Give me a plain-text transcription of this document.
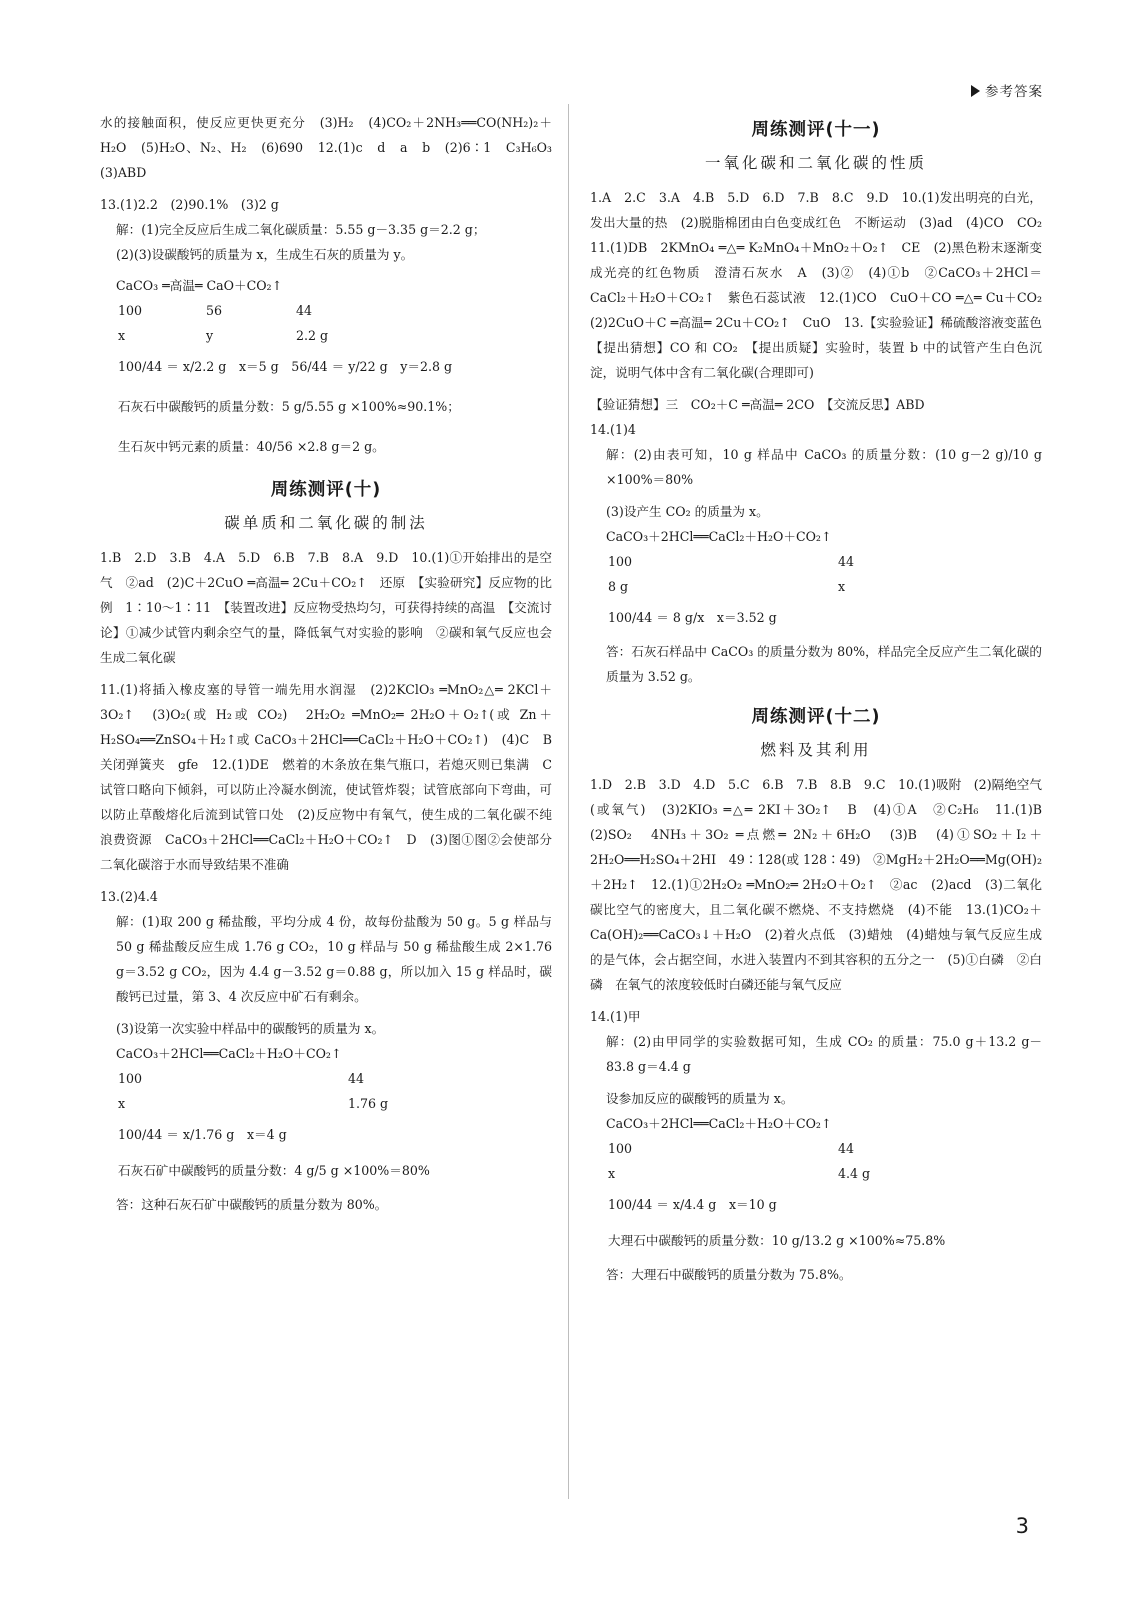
参考答案
水的接触面积，使反应更快更充分　(3)H₂　(4)CO₂＋2NH₃══CO(NH₂)₂＋H₂O　(5)H₂O、N₂、H₂　(6)690　12.(1)c　d　a　b　(2)6∶1　C₃H₆O₃　(3)ABD
13.(1)2.2　(2)90.1%　(3)2 g
解：(1)完全反应后生成二氧化碳质量：5.55 g－3.35 g＝2.2 g；
(2)(3)设碳酸钙的质量为 x，生成生石灰的质量为 y。
CaCO₃ ═高温═ CaO＋CO₂↑
100	56	44
x	y	2.2 g
100/44 ＝ x/2.2 g　x＝5 g　56/44 ＝ y/22 g　y＝2.8 g
石灰石中碳酸钙的质量分数：5 g/5.55 g ×100%≈90.1%；
生石灰中钙元素的质量：40/56 ×2.8 g＝2 g。
周练测评(十)
碳单质和二氧化碳的制法
1.B　2.D　3.B　4.A　5.D　6.B　7.B　8.A　9.D　10.(1)①开始排出的是空气　②ad　(2)C＋2CuO ═高温═ 2Cu＋CO₂↑　还原　【实验研究】反应物的比例　1∶10～1∶11　【装置改进】反应物受热均匀，可获得持续的高温　【交流讨论】①减少试管内剩余空气的量，降低氧气对实验的影响　②碳和氧气反应也会生成二氧化碳
11.(1)将插入橡皮塞的导管一端先用水润湿　(2)2KClO₃ ═MnO₂△═ 2KCl＋3O₂↑　(3)O₂(或 H₂或 CO₂)　2H₂O₂ ═MnO₂═ 2H₂O＋O₂↑(或 Zn＋H₂SO₄══ZnSO₄＋H₂↑或 CaCO₃＋2HCl══CaCl₂＋H₂O＋CO₂↑)　(4)C　B　关闭弹簧夹　gfe　12.(1)DE　燃着的木条放在集气瓶口，若熄灭则已集满　C　试管口略向下倾斜，可以防止冷凝水倒流，使试管炸裂；试管底部向下弯曲，可以防止草酸熔化后流到试管口处　(2)反应物中有氧气，使生成的二氧化碳不纯　浪费资源　CaCO₃＋2HCl══CaCl₂＋H₂O＋CO₂↑　D　(3)图①图②会使部分二氧化碳溶于水而导致结果不准确
13.(2)4.4
解：(1)取 200 g 稀盐酸，平均分成 4 份，故每份盐酸为 50 g。5 g 样品与 50 g 稀盐酸反应生成 1.76 g CO₂，10 g 样品与 50 g 稀盐酸生成 2×1.76 g＝3.52 g CO₂，因为 4.4 g－3.52 g＝0.88 g，所以加入 15 g 样品时，碳酸钙已过量，第 3、4 次反应中矿石有剩余。
(3)设第一次实验中样品中的碳酸钙的质量为 x。
CaCO₃＋2HCl══CaCl₂＋H₂O＋CO₂↑
100	44
x	1.76 g
100/44 ＝ x/1.76 g　x＝4 g
石灰石矿中碳酸钙的质量分数：4 g/5 g ×100%＝80%
答：这种石灰石矿中碳酸钙的质量分数为 80%。
周练测评(十一)
一氧化碳和二氧化碳的性质
1.A　2.C　3.A　4.B　5.D　6.D　7.B　8.C　9.D　10.(1)发出明亮的白光，发出大量的热　(2)脱脂棉团由白色变成红色　不断运动　(3)ad　(4)CO　CO₂　11.(1)DB　2KMnO₄ ═△═ K₂MnO₄＋MnO₂＋O₂↑　CE　(2)黑色粉末逐渐变成光亮的红色物质　澄清石灰水　A　(3)②　(4)①b　②CaCO₃＋2HCl＝CaCl₂＋H₂O＋CO₂↑　紫色石蕊试液　12.(1)CO　CuO＋CO ═△═ Cu＋CO₂　(2)2CuO＋C ═高温═ 2Cu＋CO₂↑　CuO　13.【实验验证】稀硫酸溶液变蓝色　【提出猜想】CO 和 CO₂　【提出质疑】实验时，装置 b 中的试管产生白色沉淀，说明气体中含有二氧化碳(合理即可)
【验证猜想】三　CO₂＋C ═高温═ 2CO　【交流反思】ABD
14.(1)4
解：(2)由表可知，10 g 样品中 CaCO₃ 的质量分数：(10 g－2 g)/10 g ×100%＝80%
(3)设产生 CO₂ 的质量为 x。
CaCO₃＋2HCl══CaCl₂＋H₂O＋CO₂↑
100	44
8 g	x
100/44 ＝ 8 g/x　x＝3.52 g
答：石灰石样品中 CaCO₃ 的质量分数为 80%，样品完全反应产生二氧化碳的质量为 3.52 g。
周练测评(十二)
燃料及其利用
1.D　2.B　3.D　4.D　5.C　6.B　7.B　8.B　9.C　10.(1)吸附　(2)隔绝空气(或氧气)　(3)2KIO₃ ═△═ 2KI＋3O₂↑　B　(4)①A　②C₂H₆　11.(1)B　(2)SO₂　4NH₃＋3O₂ ═点燃═ 2N₂＋6H₂O　(3)B　(4)①SO₂＋I₂＋2H₂O══H₂SO₄＋2HI　49∶128(或 128∶49)　②MgH₂＋2H₂O══Mg(OH)₂＋2H₂↑　12.(1)①2H₂O₂ ═MnO₂═ 2H₂O＋O₂↑　②ac　(2)acd　(3)二氧化碳比空气的密度大，且二氧化碳不燃烧、不支持燃烧　(4)不能　13.(1)CO₂＋Ca(OH)₂══CaCO₃↓＋H₂O　(2)着火点低　(3)蜡烛　(4)蜡烛与氧气反应生成的是气体，会占据空间，水进入装置内不到其容积的五分之一　(5)①白磷　②白磷　在氧气的浓度较低时白磷还能与氧气反应
14.(1)甲
解：(2)由甲同学的实验数据可知，生成 CO₂ 的质量：75.0 g＋13.2 g－83.8 g＝4.4 g
设参加反应的碳酸钙的质量为 x。
CaCO₃＋2HCl══CaCl₂＋H₂O＋CO₂↑
100	44
x	4.4 g
100/44 ＝ x/4.4 g　x＝10 g
大理石中碳酸钙的质量分数：10 g/13.2 g ×100%≈75.8%
答：大理石中碳酸钙的质量分数为 75.8%。
3
